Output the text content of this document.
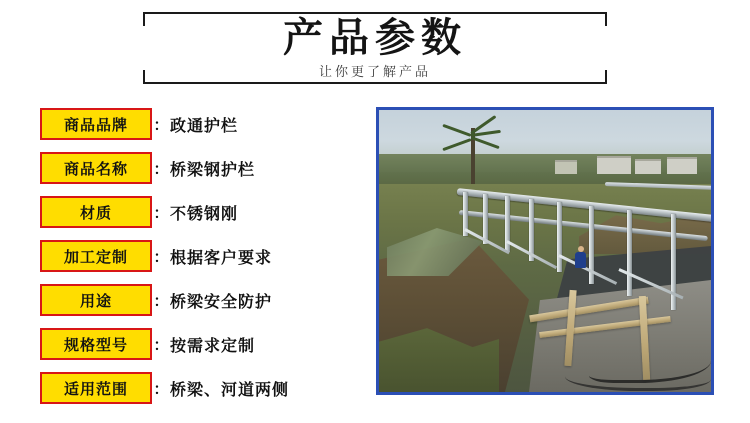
产品参数
让你更了解产品
商品品牌	： 政通护栏
商品名称	： 桥梁钢护栏
材质	： 不锈钢刚
加工定制	： 根据客户要求
用途	： 桥梁安全防护
规格型号	： 按需求定制
适用范围	： 桥梁、河道两侧
